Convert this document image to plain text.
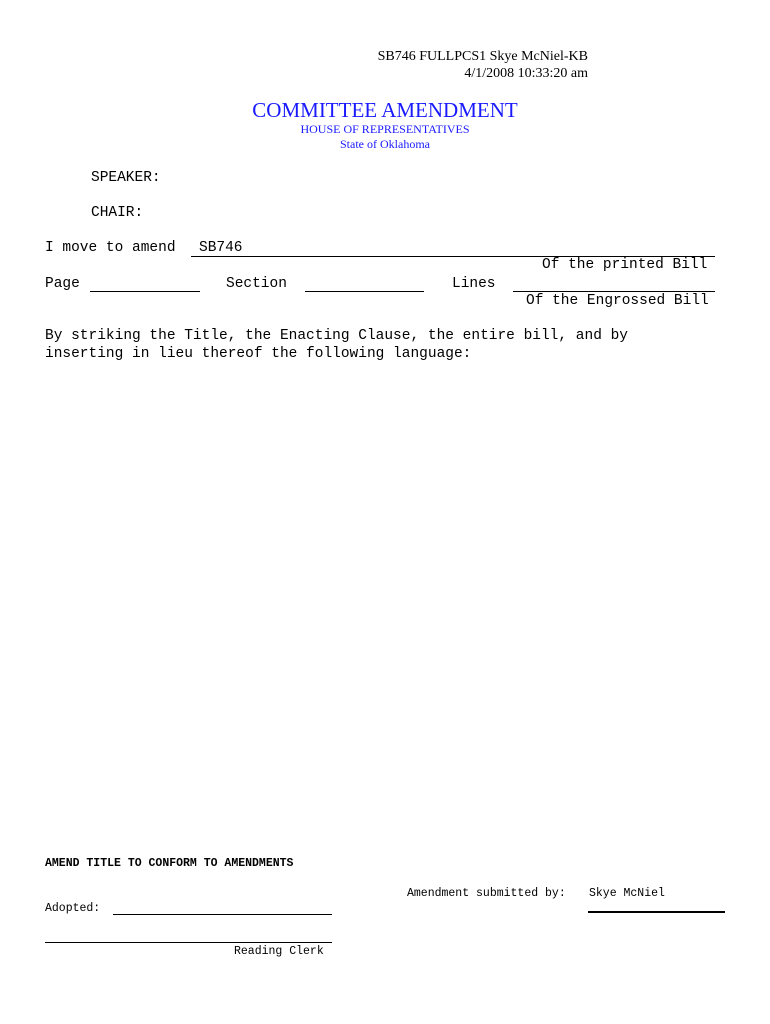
SB746 FULLPCS1 Skye McNiel-KB
4/1/2008 10:33:20 am
COMMITTEE AMENDMENT
HOUSE OF REPRESENTATIVES
State of Oklahoma
SPEAKER:
CHAIR:
I move to amend SB746
Of the printed Bill
Page	Section	Lines
Of the Engrossed Bill
By striking the Title, the Enacting Clause, the entire bill, and by
inserting in lieu thereof the following language:
AMEND TITLE TO CONFORM TO AMENDMENTS
Amendment submitted by: Skye McNiel
Adopted:
Reading Clerk
